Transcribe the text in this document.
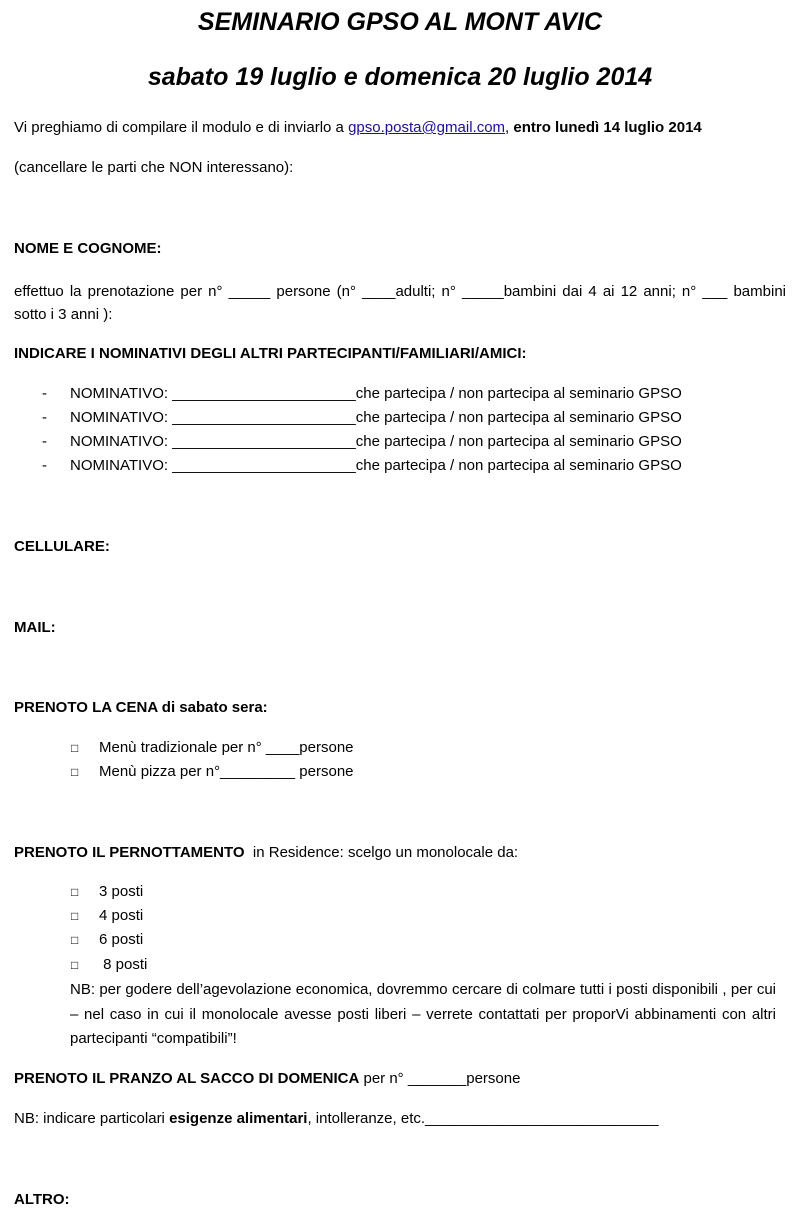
SEMINARIO GPSO AL MONT AVIC
sabato 19 luglio e domenica 20 luglio 2014
Vi preghiamo di compilare il modulo e di inviarlo a gpso.posta@gmail.com, entro lunedì 14 luglio 2014
(cancellare le parti che NON interessano):
NOME E COGNOME:
effettuo la prenotazione per n° _____ persone (n° ____adulti; n° _____bambini dai 4 ai 12 anni; n° ___ bambini sotto i 3 anni ):
INDICARE I NOMINATIVI DEGLI ALTRI PARTECIPANTI/FAMILIARI/AMICI:
- NOMINATIVO: ______________________che partecipa / non partecipa al seminario GPSO
- NOMINATIVO: ______________________che partecipa / non partecipa al seminario GPSO
- NOMINATIVO: ______________________che partecipa / non partecipa al seminario GPSO
- NOMINATIVO: ______________________che partecipa / non partecipa al seminario GPSO
CELLULARE:
MAIL:
PRENOTO LA CENA di sabato sera:
□ Menù tradizionale per n° ____persone
□ Menù pizza per n°_________ persone
PRENOTO IL PERNOTTAMENTO  in Residence: scelgo un monolocale da:
□ 3 posti
□ 4 posti
□ 6 posti
□ 8 posti
NB: per godere dell’agevolazione economica, dovremmo cercare di colmare tutti i posti disponibili , per cui – nel caso in cui il monolocale avesse posti liberi – verrete contattati per proporVi abbinamenti con altri partecipanti “compatibili”!
PRENOTO IL PRANZO AL SACCO DI DOMENICA per n° _______persone
NB: indicare particolari esigenze alimentari, intolleranze, etc.____________________________
ALTRO:
